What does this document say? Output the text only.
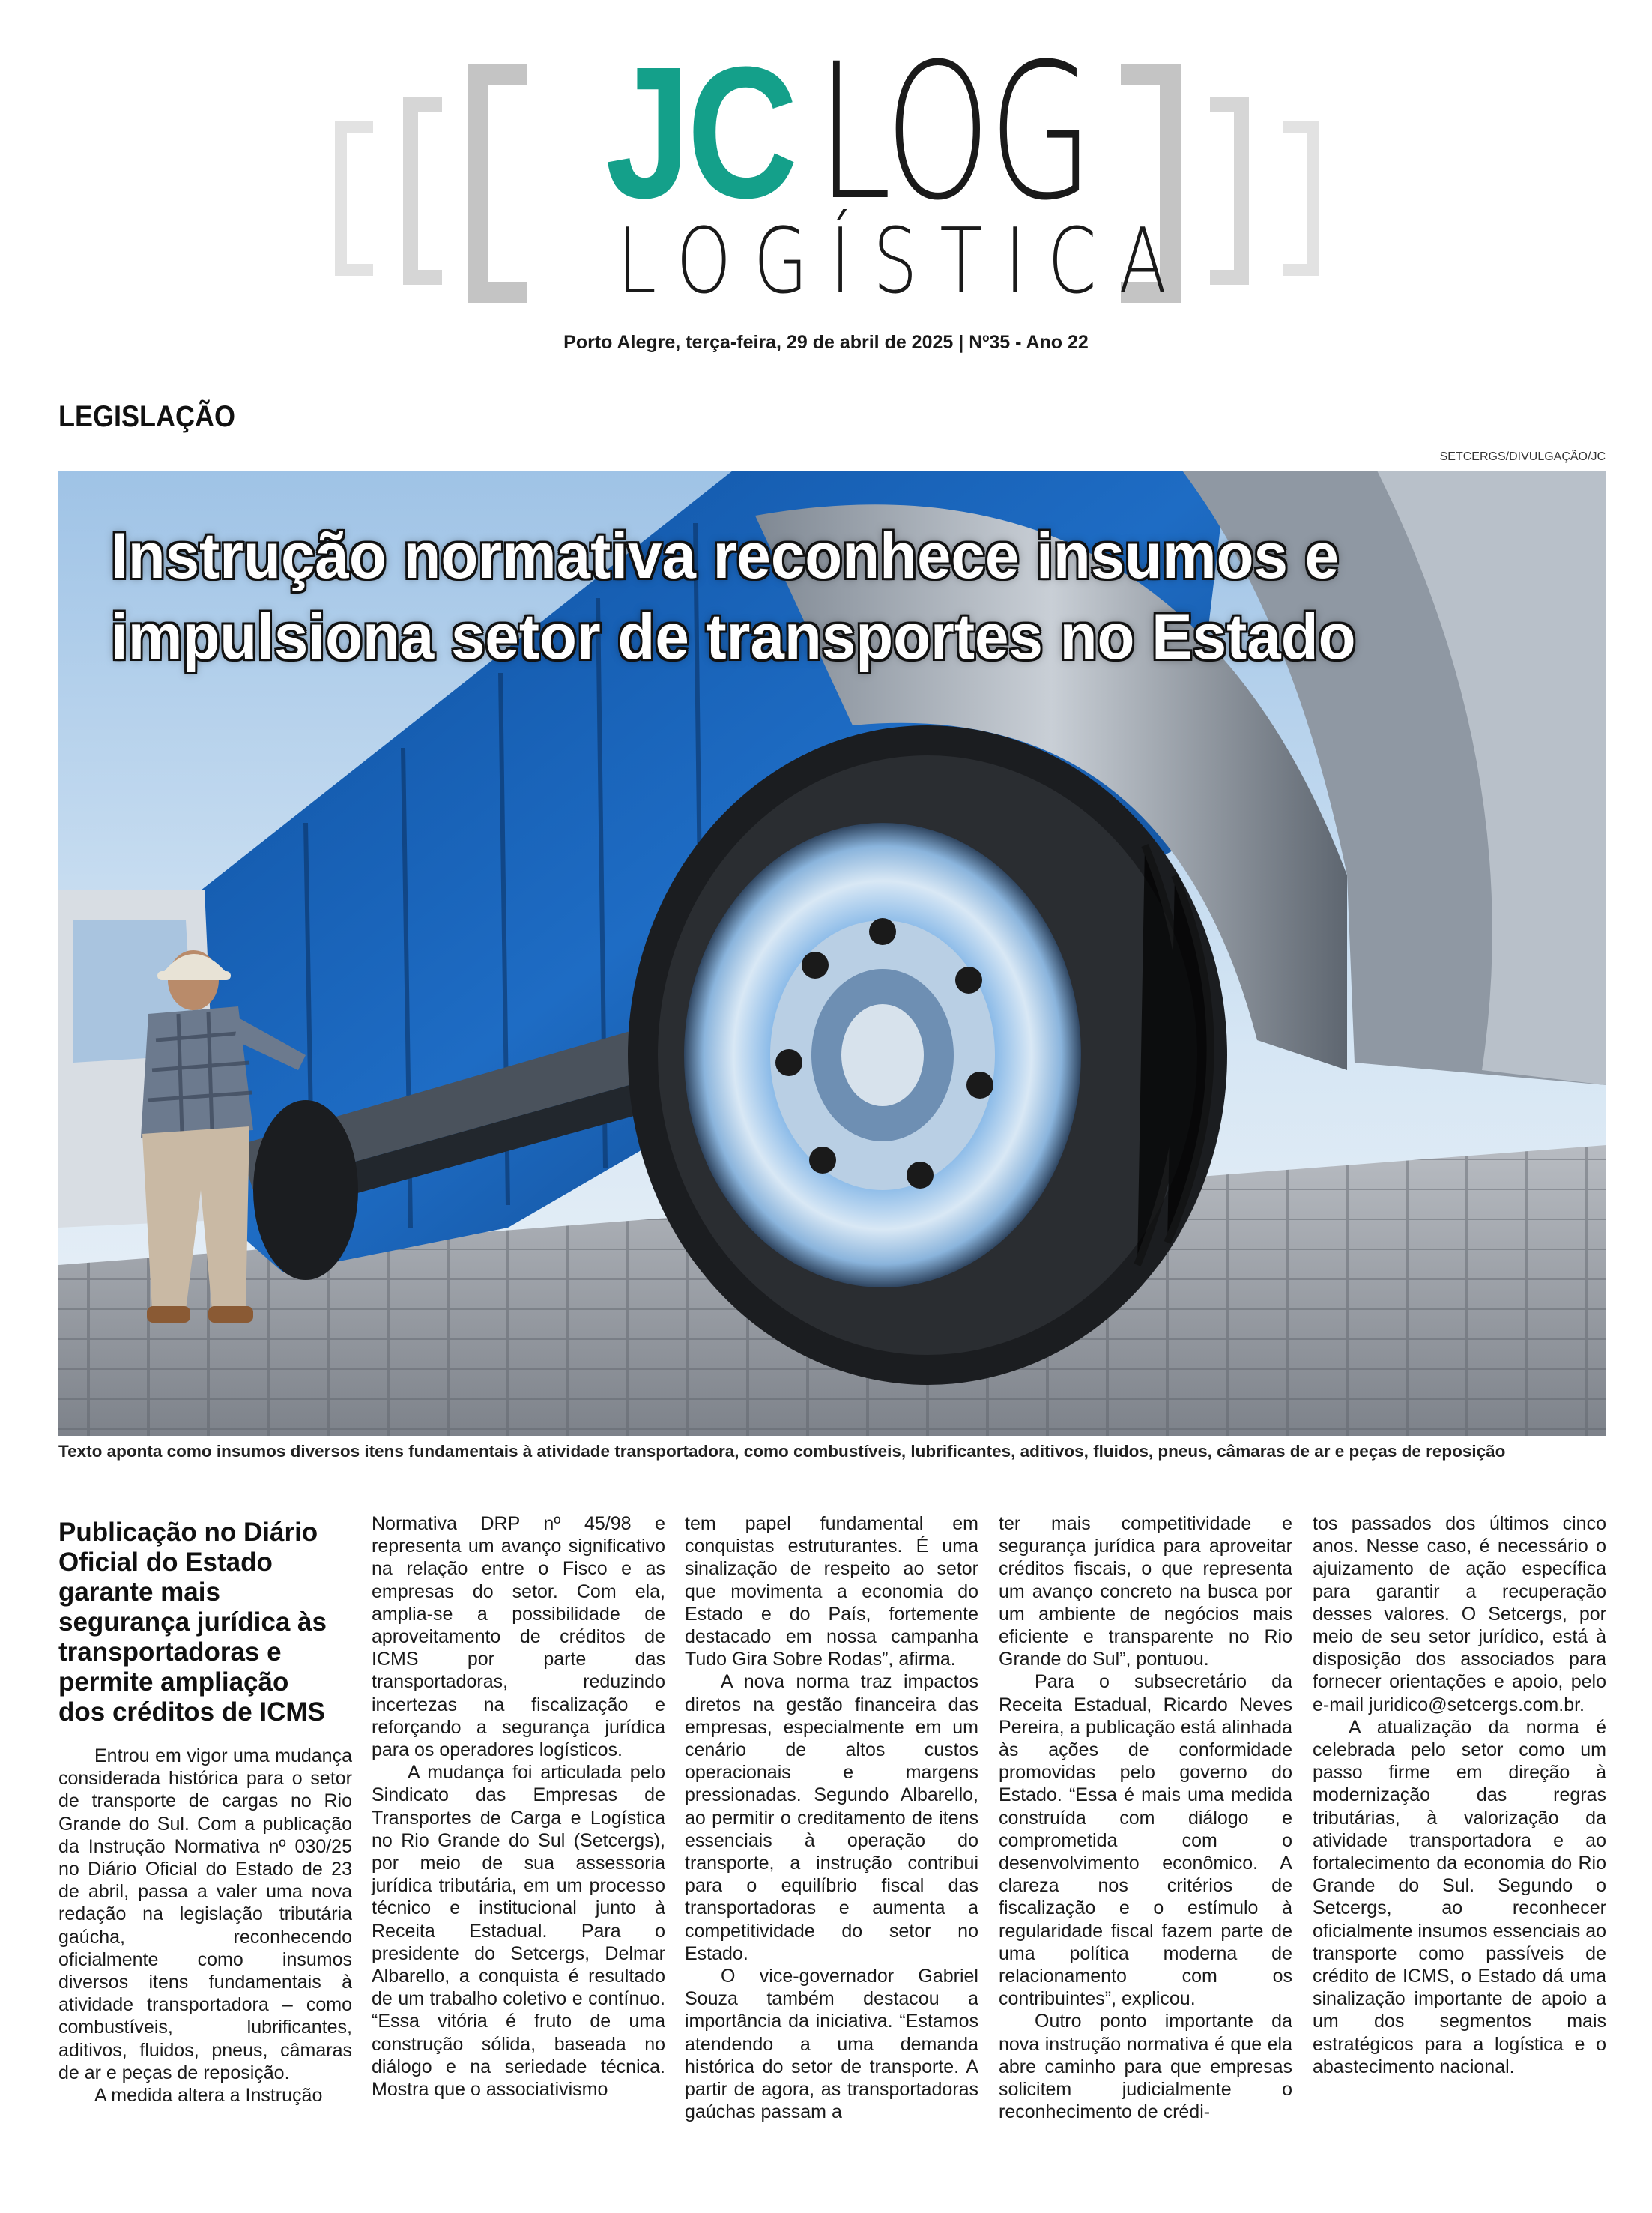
JC LOG
LOGÍSTICA
Porto Alegre, terça-feira, 29 de abril de 2025 | Nº35 - Ano 22
LEGISLAÇÃO
SETCERGS/DIVULGAÇÃO/JC
Instrução normativa reconhece insumos e impulsiona setor de transportes no Estado
Texto aponta como insumos diversos itens fundamentais à atividade transportadora, como combustíveis, lubrificantes, aditivos, fluidos, pneus, câmaras de ar e peças de reposição
Publicação no Diário Oficial do Estado garante mais segurança jurídica às transportadoras e permite ampliação dos créditos de ICMS

Entrou em vigor uma mudança considerada histórica para o setor de transporte de cargas no Rio Grande do Sul. Com a publicação da Instrução Normativa nº 030/25 no Diário Oficial do Estado de 23 de abril, passa a valer uma nova redação na legislação tributária gaúcha, reconhecendo oficialmente como insumos diversos itens fundamentais à atividade transportadora – como combustíveis, lubrificantes, aditivos, fluidos, pneus, câmaras de ar e peças de reposição.

A medida altera a Instrução

Normativa DRP nº 45/98 e representa um avanço significativo na relação entre o Fisco e as empresas do setor. Com ela, amplia-se a possibilidade de aproveitamento de créditos de ICMS por parte das transportadoras, reduzindo incertezas na fiscalização e reforçando a segurança jurídica para os operadores logísticos.

A mudança foi articulada pelo Sindicato das Empresas de Transportes de Carga e Logística no Rio Grande do Sul (Setcergs), por meio de sua assessoria jurídica tributária, em um processo técnico e institucional junto à Receita Estadual. Para o presidente do Setcergs, Delmar Albarello, a conquista é resultado de um trabalho coletivo e contínuo. “Essa vitória é fruto de uma construção sólida, baseada no diálogo e na seriedade técnica. Mostra que o associativismo

tem papel fundamental em conquistas estruturantes. É uma sinalização de respeito ao setor que movimenta a economia do Estado e do País, fortemente destacado em nossa campanha Tudo Gira Sobre Rodas”, afirma.

A nova norma traz impactos diretos na gestão financeira das empresas, especialmente em um cenário de altos custos operacionais e margens pressionadas. Segundo Albarello, ao permitir o creditamento de itens essenciais à operação do transporte, a instrução contribui para o equilíbrio fiscal das transportadoras e aumenta a competitividade do setor no Estado.

O vice-governador Gabriel Souza também destacou a importância da iniciativa. “Estamos atendendo a uma demanda histórica do setor de transporte. A partir de agora, as transportadoras gaúchas passam a

ter mais competitividade e segurança jurídica para aproveitar créditos fiscais, o que representa um avanço concreto na busca por um ambiente de negócios mais eficiente e transparente no Rio Grande do Sul”, pontuou.

Para o subsecretário da Receita Estadual, Ricardo Neves Pereira, a publicação está alinhada às ações de conformidade promovidas pelo governo do Estado. “Essa é mais uma medida construída com diálogo e comprometida com o desenvolvimento econômico. A clareza nos critérios de fiscalização e o estímulo à regularidade fiscal fazem parte de uma política moderna de relacionamento com os contribuintes”, explicou.

Outro ponto importante da nova instrução normativa é que ela abre caminho para que empresas solicitem judicialmente o reconhecimento de crédi-

tos passados dos últimos cinco anos. Nesse caso, é necessário o ajuizamento de ação específica para garantir a recuperação desses valores. O Setcergs, por meio de seu setor jurídico, está à disposição dos associados para fornecer orientações e apoio, pelo e-mail juridico@setcergs.com.br.

A atualização da norma é celebrada pelo setor como um passo firme em direção à modernização das regras tributárias, à valorização da atividade transportadora e ao fortalecimento da economia do Rio Grande do Sul. Segundo o Setcergs, ao reconhecer oficialmente insumos essenciais ao transporte como passíveis de crédito de ICMS, o Estado dá uma sinalização importante de apoio a um dos segmentos mais estratégicos para a logística e o abastecimento nacional.
